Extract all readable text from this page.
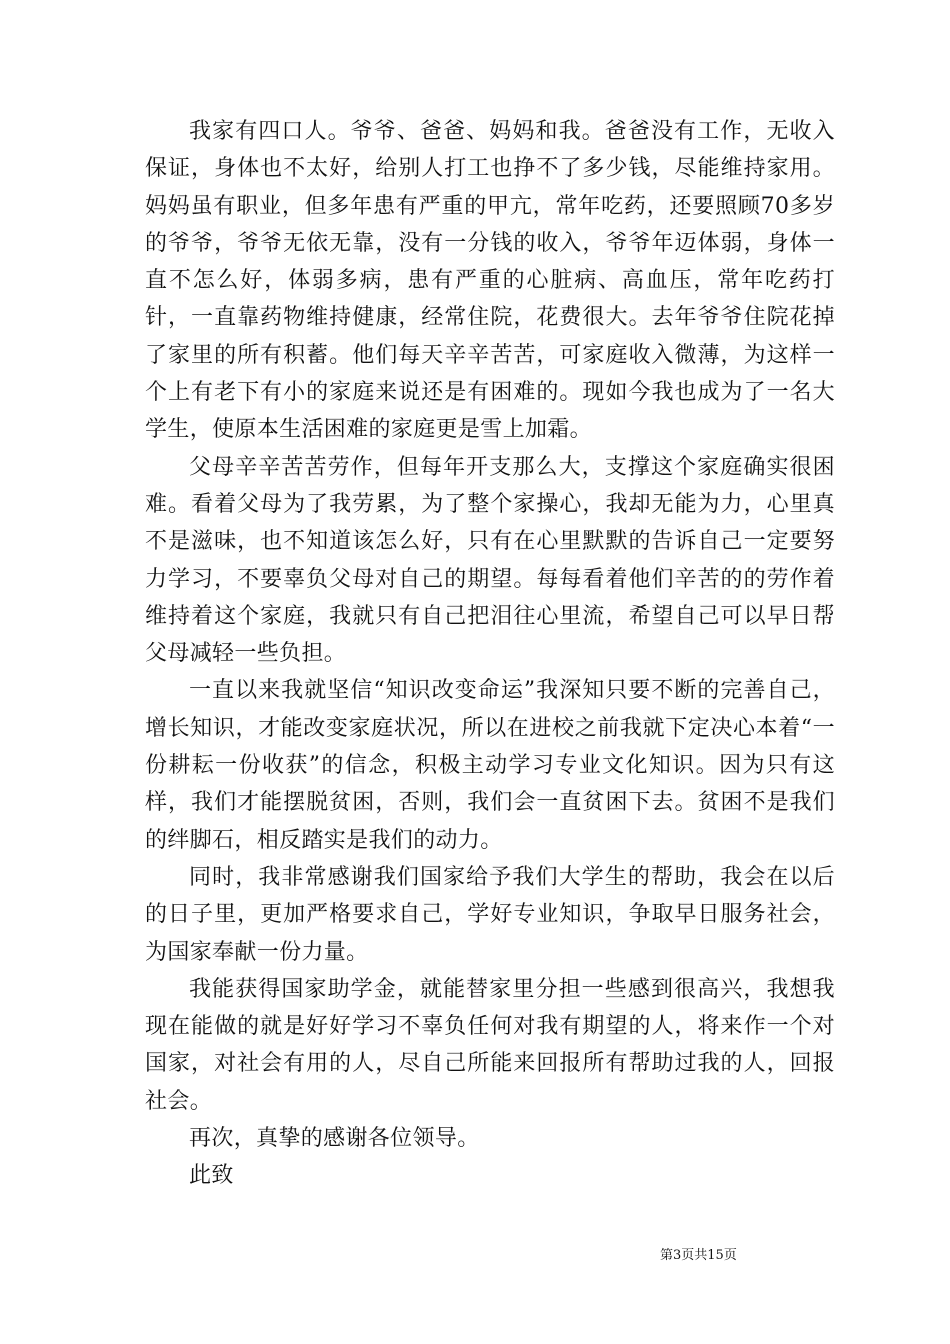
我家有四口人。爷爷、爸爸、妈妈和我。爸爸没有工作，无收入保证，身体也不太好，给别人打工也挣不了多少钱，尽能维持家用。妈妈虽有职业，但多年患有严重的甲亢，常年吃药，还要照顾70多岁的爷爷，爷爷无依无靠，没有一分钱的收入，爷爷年迈体弱，身体一直不怎么好，体弱多病，患有严重的心脏病、高血压，常年吃药打针，一直靠药物维持健康，经常住院，花费很大。去年爷爷住院花掉了家里的所有积蓄。他们每天辛辛苦苦，可家庭收入微薄，为这样一个上有老下有小的家庭来说还是有困难的。现如今我也成为了一名大学生，使原本生活困难的家庭更是雪上加霜。

父母辛辛苦苦劳作，但每年开支那么大，支撑这个家庭确实很困难。看着父母为了我劳累，为了整个家操心，我却无能为力，心里真不是滋味，也不知道该怎么好，只有在心里默默的告诉自己一定要努力学习，不要辜负父母对自己的期望。每每看着他们辛苦的的劳作着维持着这个家庭，我就只有自己把泪往心里流，希望自己可以早日帮父母减轻一些负担。

一直以来我就坚信“知识改变命运”我深知只要不断的完善自己，增长知识，才能改变家庭状况，所以在进校之前我就下定决心本着“一份耕耘一份收获”的信念，积极主动学习专业文化知识。因为只有这样，我们才能摆脱贫困，否则，我们会一直贫困下去。贫困不是我们的绊脚石，相反踏实是我们的动力。

同时，我非常感谢我们国家给予我们大学生的帮助，我会在以后的日子里，更加严格要求自己，学好专业知识，争取早日服务社会，为国家奉献一份力量。

我能获得国家助学金，就能替家里分担一些感到很高兴，我想我现在能做的就是好好学习不辜负任何对我有期望的人，将来作一个对国家，对社会有用的人，尽自己所能来回报所有帮助过我的人，回报社会。

再次，真挚的感谢各位领导。

此致

第3页共15页
